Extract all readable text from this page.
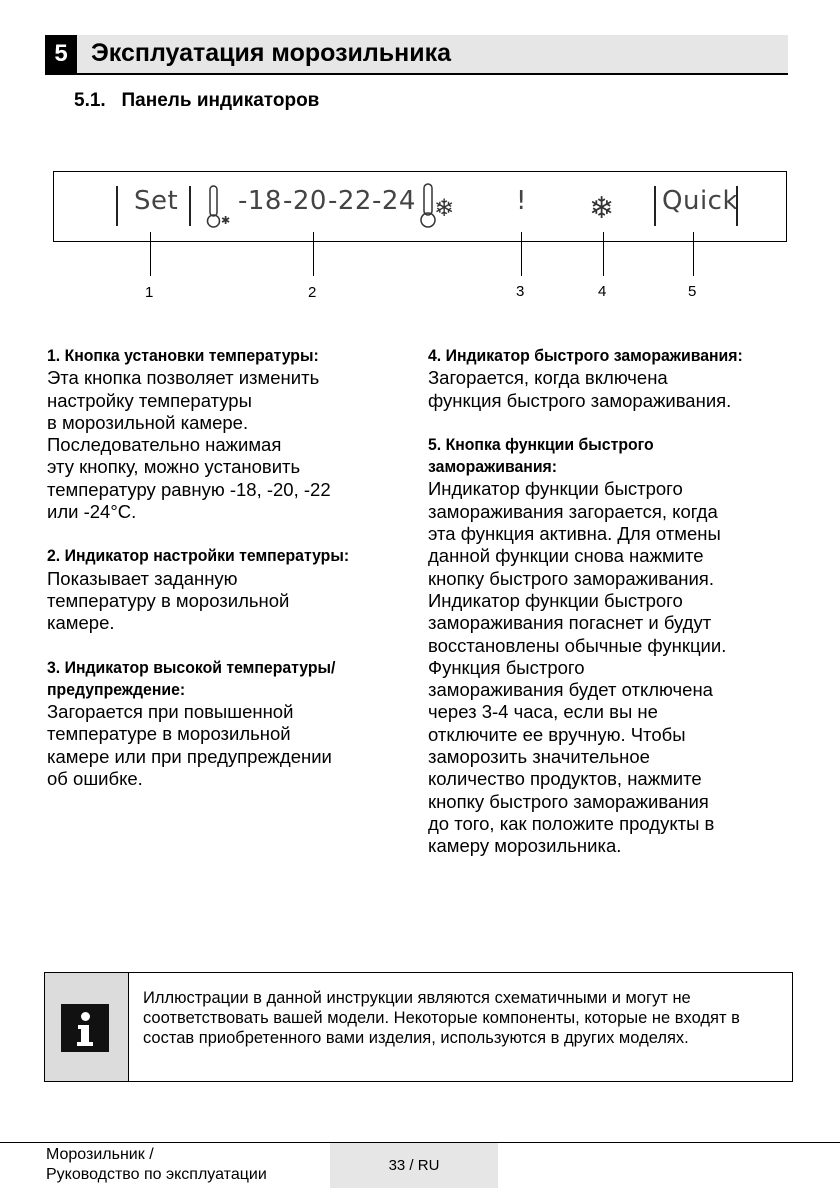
5 Эксплуатация морозильника
5.1.   Панель индикаторов
Set
✱
-18 -20 -22 -24 ❄ ! ❄ Quick
1	2	3	4	5
1. Кнопка установки температуры:

Эта кнопка позволяет изменить
настройку температуры
в морозильной камере.
Последовательно нажимая
эту кнопку, можно установить
температуру равную -18, -20, -22
или -24°С.

2. Индикатор настройки температуры:

Показывает заданную
температуру в морозильной
камере.

3. Индикатор высокой температуры/
предупреждение:

Загорается при повышенной
температуре в морозильной
камере или при предупреждении
об ошибке.

4. Индикатор быстрого замораживания:

Загорается, когда включена
функция быстрого замораживания.

5. Кнопка функции быстрого
замораживания:

Индикатор функции быстрого
замораживания загорается, когда
эта функция активна. Для отмены
данной функции снова нажмите
кнопку быстрого замораживания.
Индикатор функции быстрого
замораживания погаснет и будут
восстановлены обычные функции.
Функция быстрого
замораживания будет отключена
через 3-4 часа, если вы не
отключите ее вручную. Чтобы
заморозить значительное
количество продуктов, нажмите
кнопку быстрого замораживания
до того, как положите продукты в
камеру морозильника.

Иллюстрации в данной инструкции являются схематичными и могут не соответствовать вашей модели. Некоторые компоненты, которые не входят в состав приобретенного вами изделия, используются в других моделях.
Морозильник /
Руководство по эксплуатации
33 / RU
